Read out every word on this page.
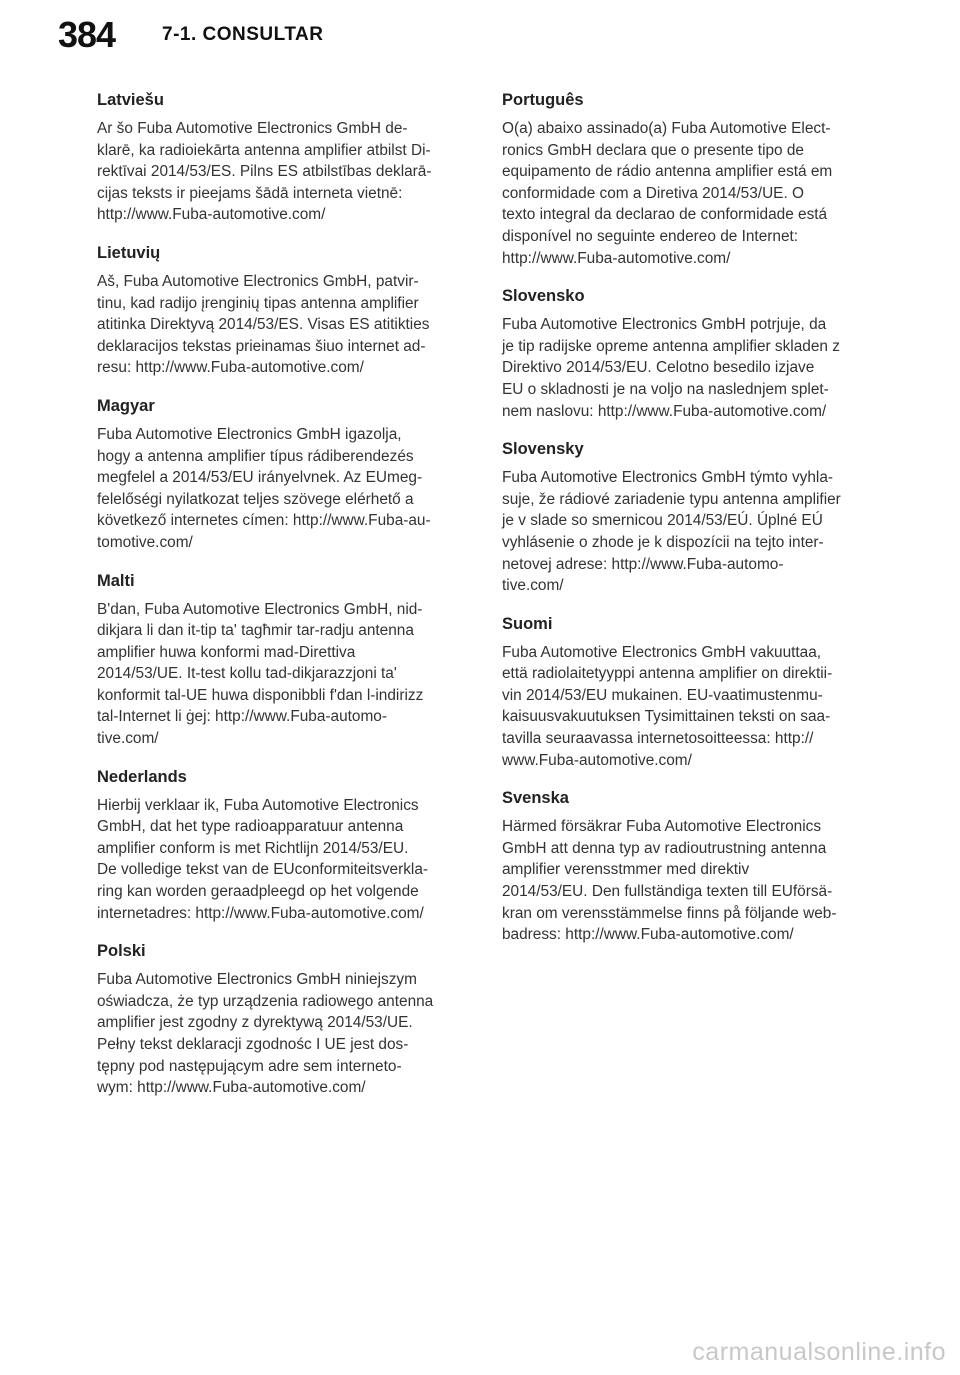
384 7-1. CONSULTAR
Latviešu

Ar šo Fuba Automotive Electronics GmbH de-
klarē, ka radioiekārta antenna amplifier atbilst Di-
rektīvai 2014/53/ES. Pilns ES atbilstības deklarā-
cijas teksts ir pieejams šādā interneta vietnē:
http://www.Fuba-automotive.com/

Lietuvių

Aš, Fuba Automotive Electronics GmbH, patvir-
tinu, kad radijo įrenginių tipas antenna amplifier
atitinka Direktyvą 2014/53/ES. Visas ES atitikties
deklaracijos tekstas prieinamas šiuo internet ad-
resu: http://www.Fuba-automotive.com/

Magyar

Fuba Automotive Electronics GmbH igazolja,
hogy a antenna amplifier típus rádiberendezés
megfelel a 2014/53/EU irányelvnek. Az EUmeg-
felelőségi nyilatkozat teljes szövege elérhető a
következő internetes címen: http://www.Fuba-au-
tomotive.com/

Malti

B'dan, Fuba Automotive Electronics GmbH, nid-
dikjara li dan it-tip ta' tagħmir tar-radju antenna
amplifier huwa konformi mad-Direttiva
2014/53/UE. It-test kollu tad-dikjarazzjoni ta'
konformit tal-UE huwa disponibbli f'dan l-indirizz
tal-Internet li ġej: http://www.Fuba-automo-
tive.com/

Nederlands

Hierbij verklaar ik, Fuba Automotive Electronics
GmbH, dat het type radioapparatuur antenna
amplifier conform is met Richtlijn 2014/53/EU.
De volledige tekst van de EUconformiteitsverkla-
ring kan worden geraadpleegd op het volgende
internetadres: http://www.Fuba-automotive.com/

Polski

Fuba Automotive Electronics GmbH niniejszym
oświadcza, że typ urządzenia radiowego antenna
amplifier jest zgodny z dyrektywą 2014/53/UE.
Pełny tekst deklaracji zgodnośc I UE jest dos-
tępny pod następującym adre sem interneto-
wym: http://www.Fuba-automotive.com/

Português

O(a) abaixo assinado(a) Fuba Automotive Elect-
ronics GmbH declara que o presente tipo de
equipamento de rádio antenna amplifier está em
conformidade com a Diretiva 2014/53/UE. O
texto integral da declarao de conformidade está
disponível no seguinte endereo de Internet:
http://www.Fuba-automotive.com/

Slovensko

Fuba Automotive Electronics GmbH potrjuje, da
je tip radijske opreme antenna amplifier skladen z
Direktivo 2014/53/EU. Celotno besedilo izjave
EU o skladnosti je na voljo na naslednjem splet-
nem naslovu: http://www.Fuba-automotive.com/

Slovensky

Fuba Automotive Electronics GmbH týmto vyhla-
suje, že rádiové zariadenie typu antenna amplifier
je v slade so smernicou 2014/53/EÚ. Úplné EÚ
vyhlásenie o zhode je k dispozícii na tejto inter-
netovej adrese: http://www.Fuba-automo-
tive.com/

Suomi

Fuba Automotive Electronics GmbH vakuuttaa,
että radiolaitetyyppi antenna amplifier on direktii-
vin 2014/53/EU mukainen. EU-vaatimustenmu-
kaisuusvakuutuksen Tysimittainen teksti on saa-
tavilla seuraavassa internetosoitteessa: http://
www.Fuba-automotive.com/

Svenska

Härmed försäkrar Fuba Automotive Electronics
GmbH att denna typ av radioutrustning antenna
amplifier verensstmmer med direktiv
2014/53/EU. Den fullständiga texten till EUförsä-
kran om verensstämmelse finns på följande web-
badress: http://www.Fuba-automotive.com/

carmanualsonline.info
